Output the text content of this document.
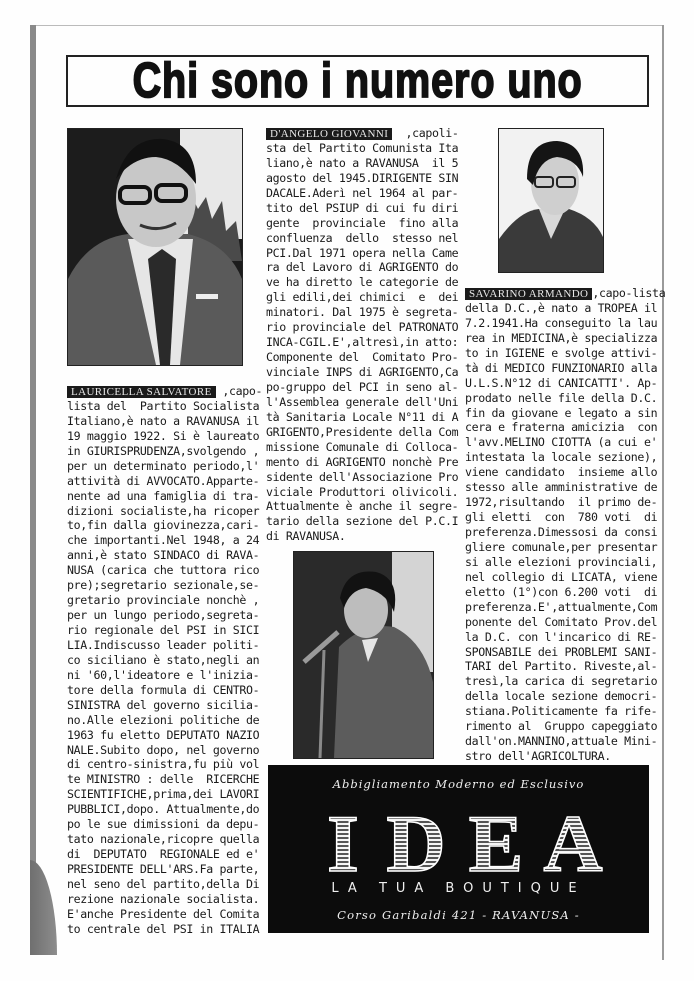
Chi sono i numero uno
LAURICELLA SALVATORE ,capo-
lista del  Partito Socialista
Italiano,è nato a RAVANUSA il
19 maggio 1922. Si è laureato
in GIURISPRUDENZA,svolgendo ,
per un determinato periodo,l'
attività di AVVOCATO.Apparte-
nente ad una famiglia di tra-
dizioni socialiste,ha ricoper
to,fin dalla giovinezza,cari-
che importanti.Nel 1948, a 24
anni,è stato SINDACO di RAVA-
NUSA (carica che tuttora rico
pre);segretario sezionale,se-
gretario provinciale nonchè ,
per un lungo periodo,segreta-
rio regionale del PSI in SICI
LIA.Indiscusso leader politi-
co siciliano è stato,negli an
ni '60,l'ideatore e l'inizia-
tore della formula di CENTRO-
SINISTRA del governo sicilia-
no.Alle elezioni politiche de
1963 fu eletto DEPUTATO NAZIO
NALE.Subito dopo, nel governo
di centro-sinistra,fu più vol
te MINISTRO : delle  RICERCHE
SCIENTIFICHE,prima,dei LAVORI
PUBBLICI,dopo. Attualmente,do
po le sue dimissioni da depu-
tato nazionale,ricopre quella
di  DEPUTATO  REGIONALE ed e'
PRESIDENTE DELL'ARS.Fa parte,
nel seno del partito,della Di
rezione nazionale socialista.
E'anche Presidente del Comita
to centrale del PSI in ITALIA
D'ANGELO GIOVANNI  ,capoli-
sta del Partito Comunista Ita
liano,è nato a RAVANUSA  il 5
agosto del 1945.DIRIGENTE SIN
DACALE.Aderì nel 1964 al par-
tito del PSIUP di cui fu diri
gente  provinciale  fino alla
confluenza  dello  stesso nel
PCI.Dal 1971 opera nella Came
ra del Lavoro di AGRIGENTO do
ve ha diretto le categorie de
gli edili,dei chimici  e  dei
minatori. Dal 1975 è segreta-
rio provinciale del PATRONATO
INCA-CGIL.E',altresì,in atto:
Componente del  Comitato Pro-
vinciale INPS di AGRIGENTO,Ca
po-gruppo del PCI in seno al-
l'Assemblea generale dell'Uni
tà Sanitaria Locale N°11 di A
GRIGENTO,Presidente della Com
missione Comunale di Colloca-
mento di AGRIGENTO nonchè Pre
sidente dell'Associazione Pro
viciale Produttori olivicoli.
Attualmente è anche il segre-
tario della sezione del P.C.I
di RAVANUSA.
SAVARINO ARMANDO ,capo-lista
della D.C.,è nato a TROPEA il
7.2.1941.Ha conseguito la lau
rea in MEDICINA,è specializza
to in IGIENE e svolge attivi-
tà di MEDICO FUNZIONARIO alla
U.L.S.N°12 di CANICATTI'. Ap-
prodato nelle file della D.C.
fin da giovane e legato a sin
cera e fraterna amicizia  con
l'avv.MELINO CIOTTA (a cui e'
intestata la locale sezione),
viene candidato  insieme allo
stesso alle amministrative de
1972,risultando  il primo de-
gli eletti  con  780 voti  di
preferenza.Dimessosi da consi
gliere comunale,per presentar
si alle elezioni provinciali,
nel collegio di LICATA, viene
eletto (1°)con 6.200 voti  di
preferenza.E',attualmente,Com
ponente del Comitato Prov.del
la D.C. con l'incarico di RE-
SPONSABILE dei PROBLEMI SANI-
TARI del Partito. Riveste,al-
tresì,la carica di segretario
della locale sezione democri-
stiana.Politicamente fa rife-
rimento al  Gruppo capeggiato
dall'on.MANNINO,attuale Mini-
stro dell'AGRICOLTURA.
Abbigliamento Moderno ed Esclusivo
I D E A
LA TUA BOUTIQUE
Corso Garibaldi 421 - RAVANUSA -
